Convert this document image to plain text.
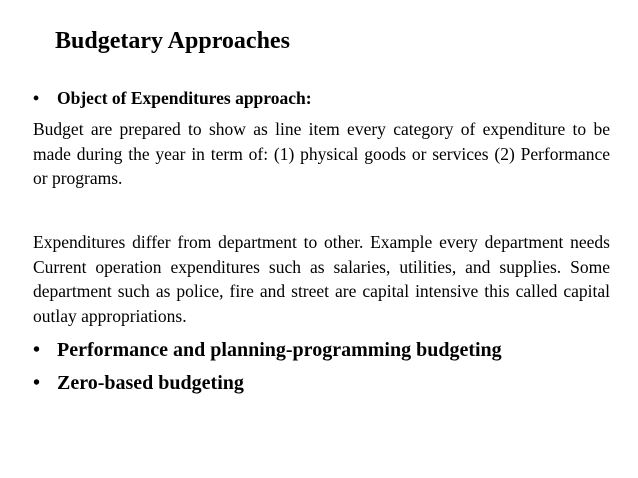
Budgetary Approaches
•	Object of Expenditures approach:

Budget are prepared to show as line item every category of expenditure to be made during the year in term of: (1) physical goods or services (2) Performance or programs.

Expenditures differ from department to other. Example every department needs Current operation expenditures such as salaries, utilities, and supplies. Some department such as police, fire and street are capital intensive this called capital outlay appropriations.

• Performance and planning-programming budgeting
• Zero-based budgeting
